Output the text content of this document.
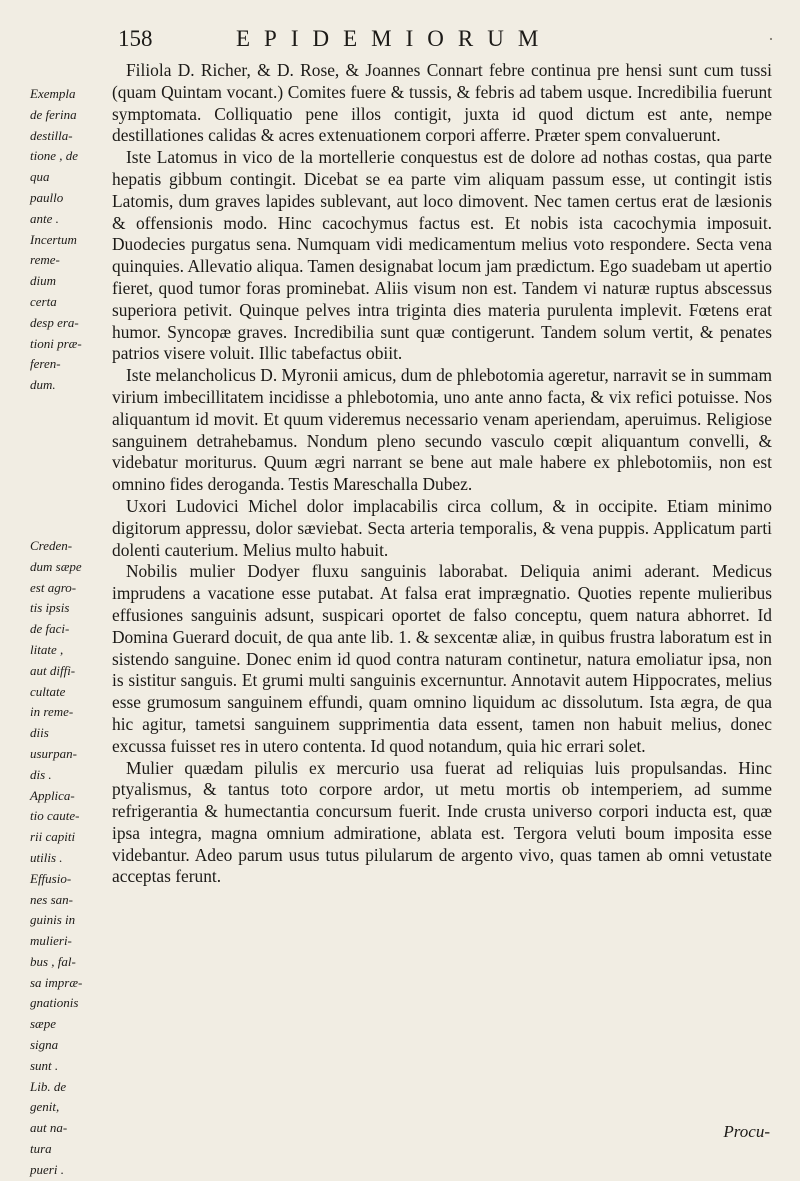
158	EPIDEMIORUM	·
Exempla
de ferina
destilla-
tione , de
qua
paullo
ante .
Incertum
reme-
dium
certa
desp era-
tioni præ-
feren-
dum.
Creden-
dum sæpe
est agro-
tis ipsis
de faci-
litate ,
aut diffi-
cultate
in reme-
diis
usurpan-
dis .
Applica-
tio caute-
rii capiti
utilis .
Effusio-
nes san-
guinis in
mulieri-
bus , fal-
sa impræ-
gnationis
sæpe
signa
sunt .
Lib. de
genit,
aut na-
tura
pueri .

Filiola D. Richer, & D. Rose, & Joannes Connart febre continua pre hensi sunt cum tussi (quam Quintam vocant.) Comites fuere & tussis, & febris ad tabem usque. Incredibilia fuerunt symptomata. Colliquatio pene illos contigit, juxta id quod dictum est ante, nempe destillationes calidas & acres extenuationem corpori afferre. Præter spem convaluerunt.

Iste Latomus in vico de la mortellerie conquestus est de dolore ad nothas costas, qua parte hepatis gibbum contingit. Dicebat se ea parte vim aliquam passum esse, ut contingit istis Latomis, dum graves lapides sublevant, aut loco dimovent. Nec tamen certus erat de læsionis & offensionis modo. Hinc cacochymus factus est. Et nobis ista cacochymia imposuit. Duodecies purgatus sena. Numquam vidi medicamentum melius voto respondere. Secta vena quinquies. Allevatio aliqua. Tamen designabat locum jam prædictum. Ego suadebam ut apertio fieret, quod tumor foras prominebat. Aliis visum non est. Tandem vi naturæ ruptus abscessus superiora petivit. Quinque pelves intra triginta dies materia purulenta implevit. Fœtens erat humor. Syncopæ graves. Incredibilia sunt quæ contigerunt. Tandem solum vertit, & penates patrios visere voluit. Illic tabefactus obiit.

Iste melancholicus D. Myronii amicus, dum de phlebotomia ageretur, narravit se in summam virium imbecillitatem incidisse a phlebotomia, uno ante anno facta, & vix refici potuisse. Nos aliquantum id movit. Et quum videremus necessario venam aperiendam, aperuimus. Religiose sanguinem detrahebamus. Nondum pleno secundo vasculo cœpit aliquantum convelli, & videbatur moriturus. Quum ægri narrant se bene aut male habere ex phlebotomiis, non est omnino fides deroganda. Testis Mareschalla Dubez.

Uxori Ludovici Michel dolor implacabilis circa collum, & in occipite. Etiam minimo digitorum appressu, dolor sæviebat. Secta arteria temporalis, & vena puppis. Applicatum parti dolenti cauterium. Melius multo habuit.

Nobilis mulier Dodyer fluxu sanguinis laborabat. Deliquia animi aderant. Medicus imprudens a vacatione esse putabat. At falsa erat imprægnatio. Quoties repente mulieribus effusiones sanguinis adsunt, suspicari oportet de falso conceptu, quem natura abhorret. Id Domina Guerard docuit, de qua ante lib. 1. & sexcentæ aliæ, in quibus frustra laboratum est in sistendo sanguine. Donec enim id quod contra naturam continetur, natura emoliatur ipsa, non is sistitur sanguis. Et grumi multi sanguinis excernuntur. Annotavit autem Hippocrates, melius esse grumosum sanguinem effundi, quam omnino liquidum ac dissolutum. Ista ægra, de qua hic agitur, tametsi sanguinem supprimentia data essent, tamen non habuit melius, donec excussa fuisset res in utero contenta. Id quod notandum, quia hic errari solet.

Mulier quædam pilulis ex mercurio usa fuerat ad reliquias luis propulsandas. Hinc ptyalismus, & tantus toto corpore ardor, ut metu mortis ob intemperiem, ad summe refrigerantia & humectantia concursum fuerit. Inde crusta universo corpori inducta est, quæ ipsa integra, magna omnium admiratione, ablata est. Tergora veluti boum imposita esse videbantur. Adeo parum usus tutus pilularum de argento vivo, quas tamen ab omni vetustate acceptas ferunt.

Procu-
